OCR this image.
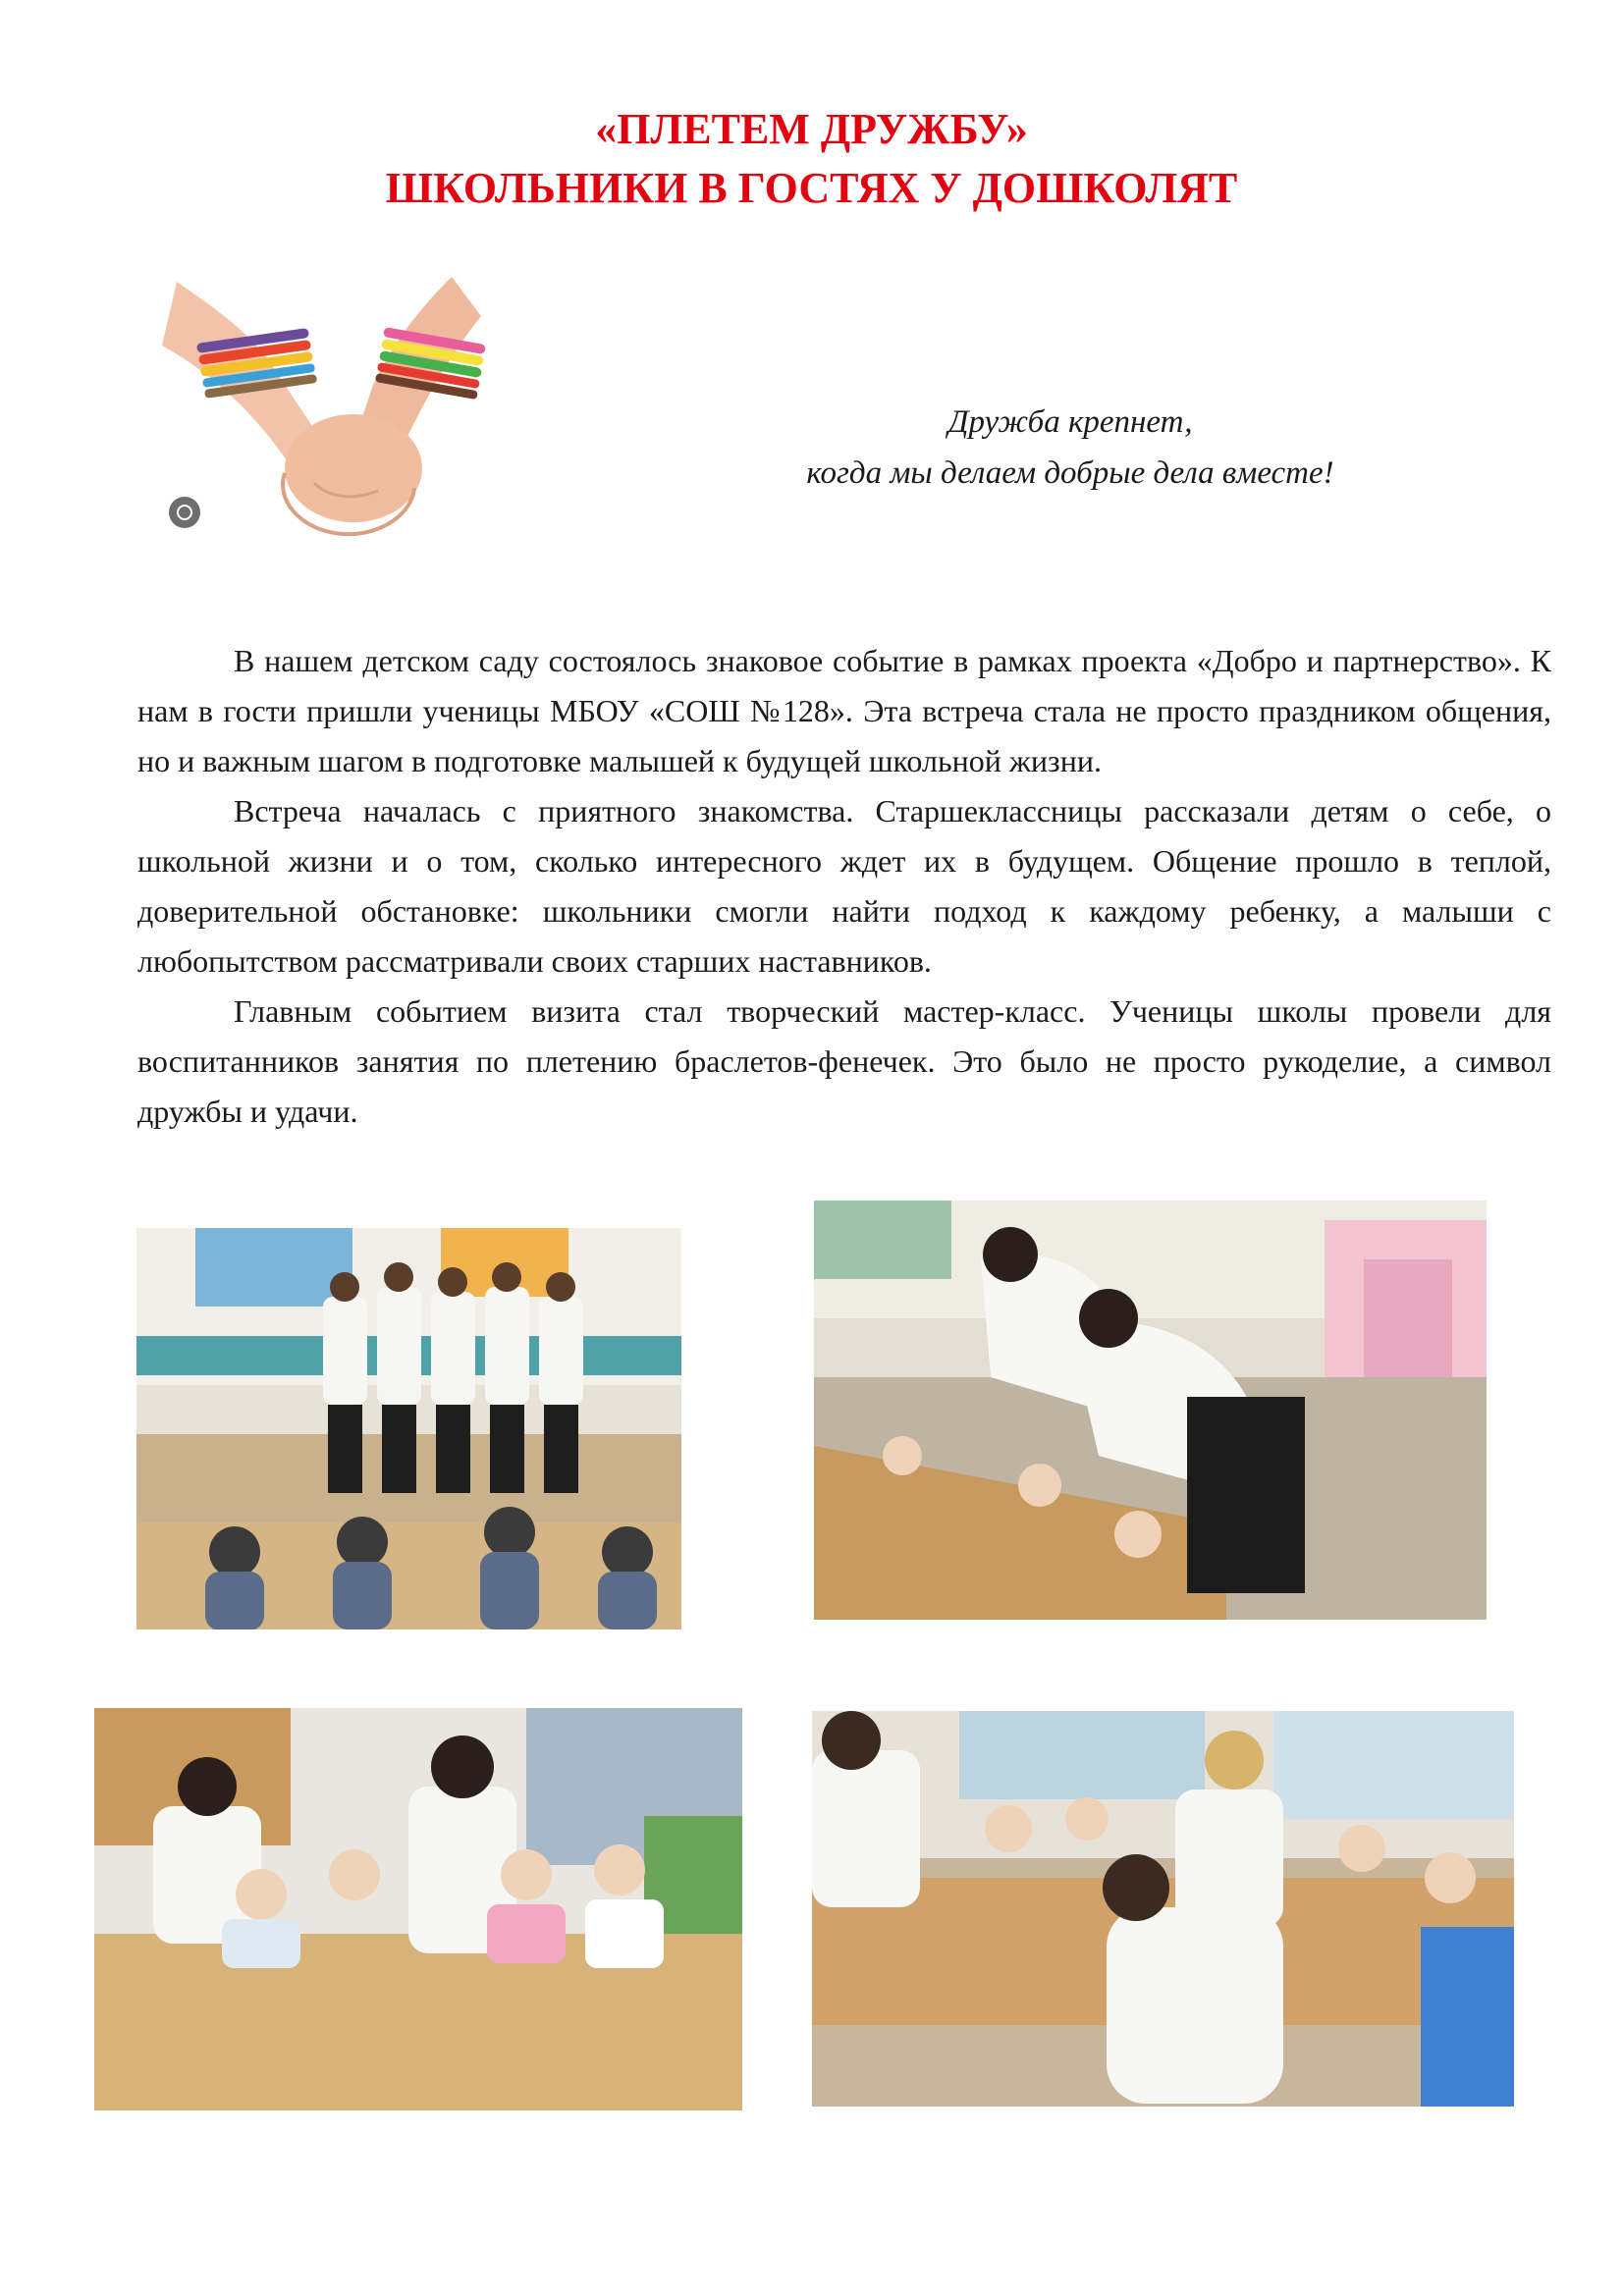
«ПЛЕТЕМ ДРУЖБУ»
ШКОЛЬНИКИ В ГОСТЯХ У ДОШКОЛЯТ

Дружба крепнет,

когда мы делаем добрые дела вместе!

В нашем детском саду состоялось знаковое событие в рамках проекта «Добро и партнерство». К нам в гости пришли ученицы МБОУ «СОШ №128». Эта встреча стала не просто праздником общения, но и важным шагом в подготовке малышей к будущей школьной жизни.

Встреча началась с приятного знакомства. Старшеклассницы рассказали детям о себе, о школьной жизни и о том, сколько интересного ждет их в будущем. Общение прошло в теплой, доверительной обстановке: школьники смогли найти подход к каждому ребенку, а малыши с любопытством рассматривали своих старших наставников.

Главным событием визита стал творческий мастер-класс. Ученицы школы провели для воспитанников занятия по плетению браслетов-фенечек. Это было не просто рукоделие, а символ дружбы и удачи.
